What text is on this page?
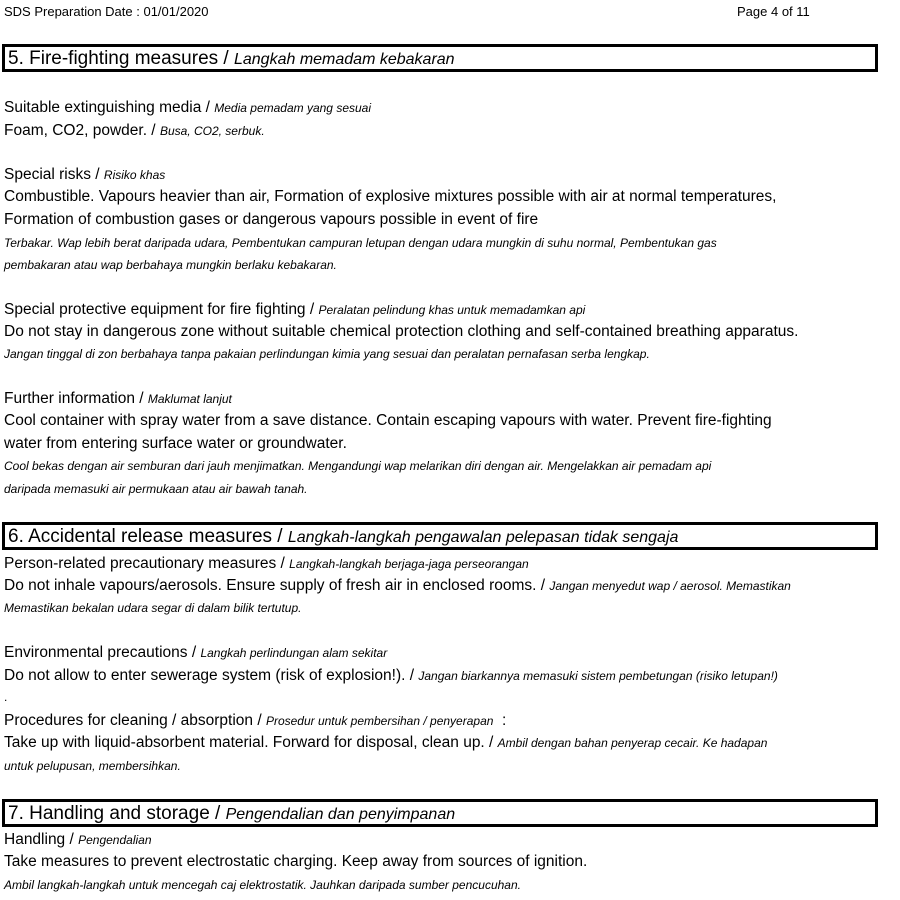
SDS Preparation Date : 01/01/2020	Page 4 of 11
5. Fire-fighting measures / Langkah memadam kebakaran
Suitable extinguishing media / Media pemadam yang sesuai
Foam, CO2, powder. / Busa, CO2, serbuk.
Special risks / Risiko khas
Combustible. Vapours heavier than air, Formation of explosive mixtures possible with air at normal temperatures,
Formation of combustion gases or dangerous vapours possible in event of fire
Terbakar. Wap lebih berat daripada udara, Pembentukan campuran letupan dengan udara mungkin di suhu normal, Pembentukan gas
pembakaran atau wap berbahaya mungkin berlaku kebakaran.
Special protective equipment for fire fighting / Peralatan pelindung khas untuk memadamkan api
Do not stay in dangerous zone without suitable chemical protection clothing and self-contained breathing apparatus.
Jangan tinggal di zon berbahaya tanpa pakaian perlindungan kimia yang sesuai dan peralatan pernafasan serba lengkap.
Further information / Maklumat lanjut
Cool container with spray water from a save distance. Contain escaping vapours with water. Prevent fire-fighting
water from entering surface water or groundwater.
Cool bekas dengan air semburan dari jauh menjimatkan. Mengandungi wap melarikan diri dengan air. Mengelakkan air pemadam api
daripada memasuki air permukaan atau air bawah tanah.
6. Accidental release measures / Langkah-langkah pengawalan pelepasan tidak sengaja
Person-related precautionary measures / Langkah-langkah berjaga-jaga perseorangan
Do not inhale vapours/aerosols. Ensure supply of fresh air in enclosed rooms. / Jangan menyedut wap / aerosol. Memastikan
Memastikan bekalan udara segar di dalam bilik tertutup.
Environmental precautions / Langkah perlindungan alam sekitar
Do not allow to enter sewerage system (risk of explosion!). / Jangan biarkannya memasuki sistem pembetungan (risiko letupan!)
.
Procedures for cleaning / absorption / Prosedur untuk pembersihan / penyerapan  :
Take up with liquid-absorbent material. Forward for disposal, clean up. / Ambil dengan bahan penyerap cecair. Ke hadapan
untuk pelupusan, membersihkan.
7. Handling and storage / Pengendalian dan penyimpanan
Handling / Pengendalian
Take measures to prevent electrostatic charging. Keep away from sources of ignition.
Ambil langkah-langkah untuk mencegah caj elektrostatik. Jauhkan daripada sumber pencucuhan.
